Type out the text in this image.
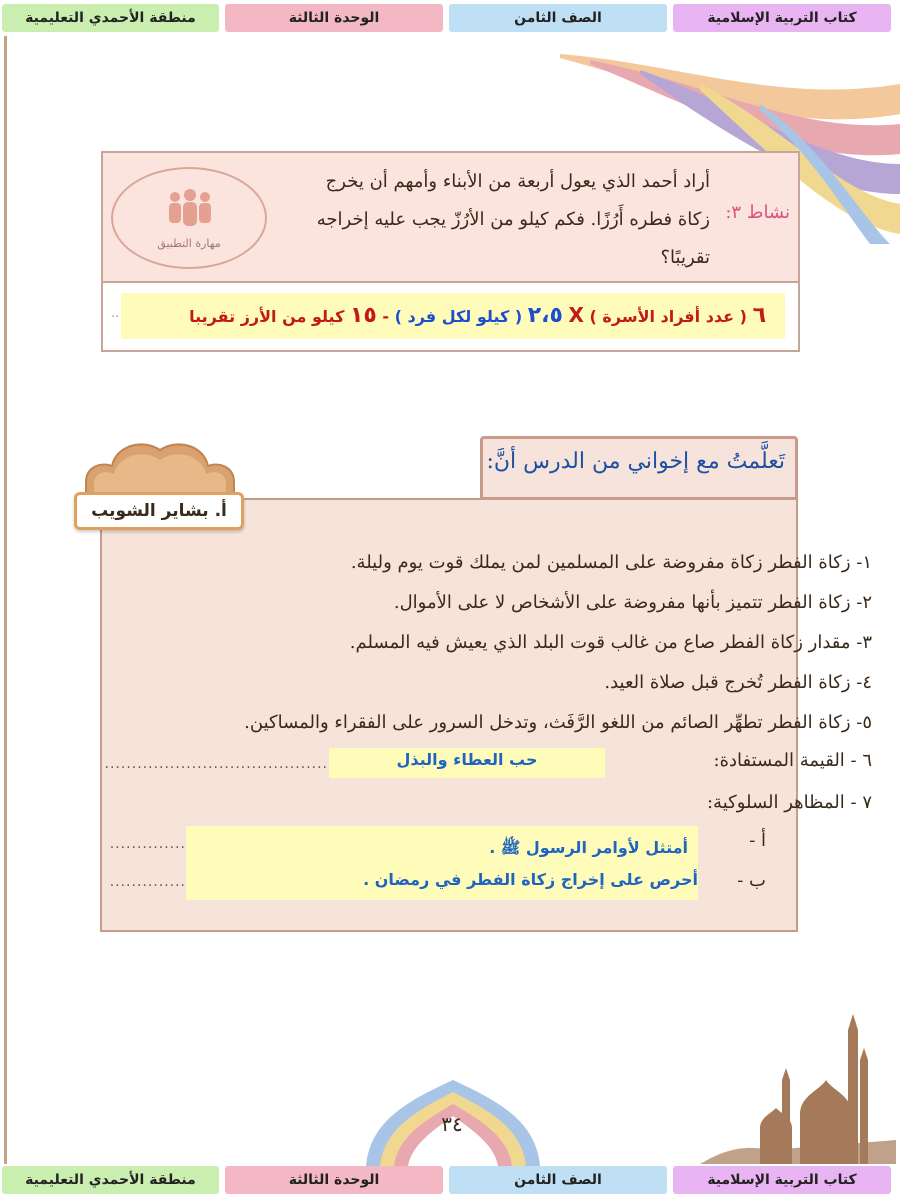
كتاب التربية الإسلامية
الصف الثامن
الوحدة الثالثة
منطقة الأحمدي التعليمية
نشاط ٣:
أراد أحمد الذي يعول أربعة من الأبناء وأمهم أن يخرج
زكاة فطره أَرُزًا. فكم كيلو من الأرُزّ يجب عليه إخراجه
تقريبًا؟
مهارة التطبيق
٦ ( عدد أفراد الأسرة ) X ٢،٥ ( كيلو لكل فرد ) - ١٥ كيلو من الأرز تقريبا
..
تَعلَّمتُ مع إخواني من الدرس أنَّ:
أ. بشاير الشويب
١- زكاة الفطر زكاة مفروضة على المسلمين لمن يملك قوت يوم وليلة.
٢- زكاة الفطر تتميز بأنها مفروضة على الأشخاص لا على الأموال.
٣- مقدار زكاة الفطر صاع من غالب قوت البلد الذي يعيش فيه المسلم.
٤- زكاة الفطر تُخرج قبل صلاة العيد.
٥- زكاة الفطر تطهِّر الصائم من اللغو الرَّفَث، وتدخل السرور على الفقراء والمساكين.
٦ - القيمة المستفادة:
حب العطاء والبذل
.........................................
٧ - المظاهر السلوكية:
أ -
ب -
..............
..............
أمتثل لأوامر الرسول ﷺ .
أحرص على إخراج زكاة الفطر في رمضان .
٣٤
كتاب التربية الإسلامية
الصف الثامن
الوحدة الثالثة
منطقة الأحمدي التعليمية
